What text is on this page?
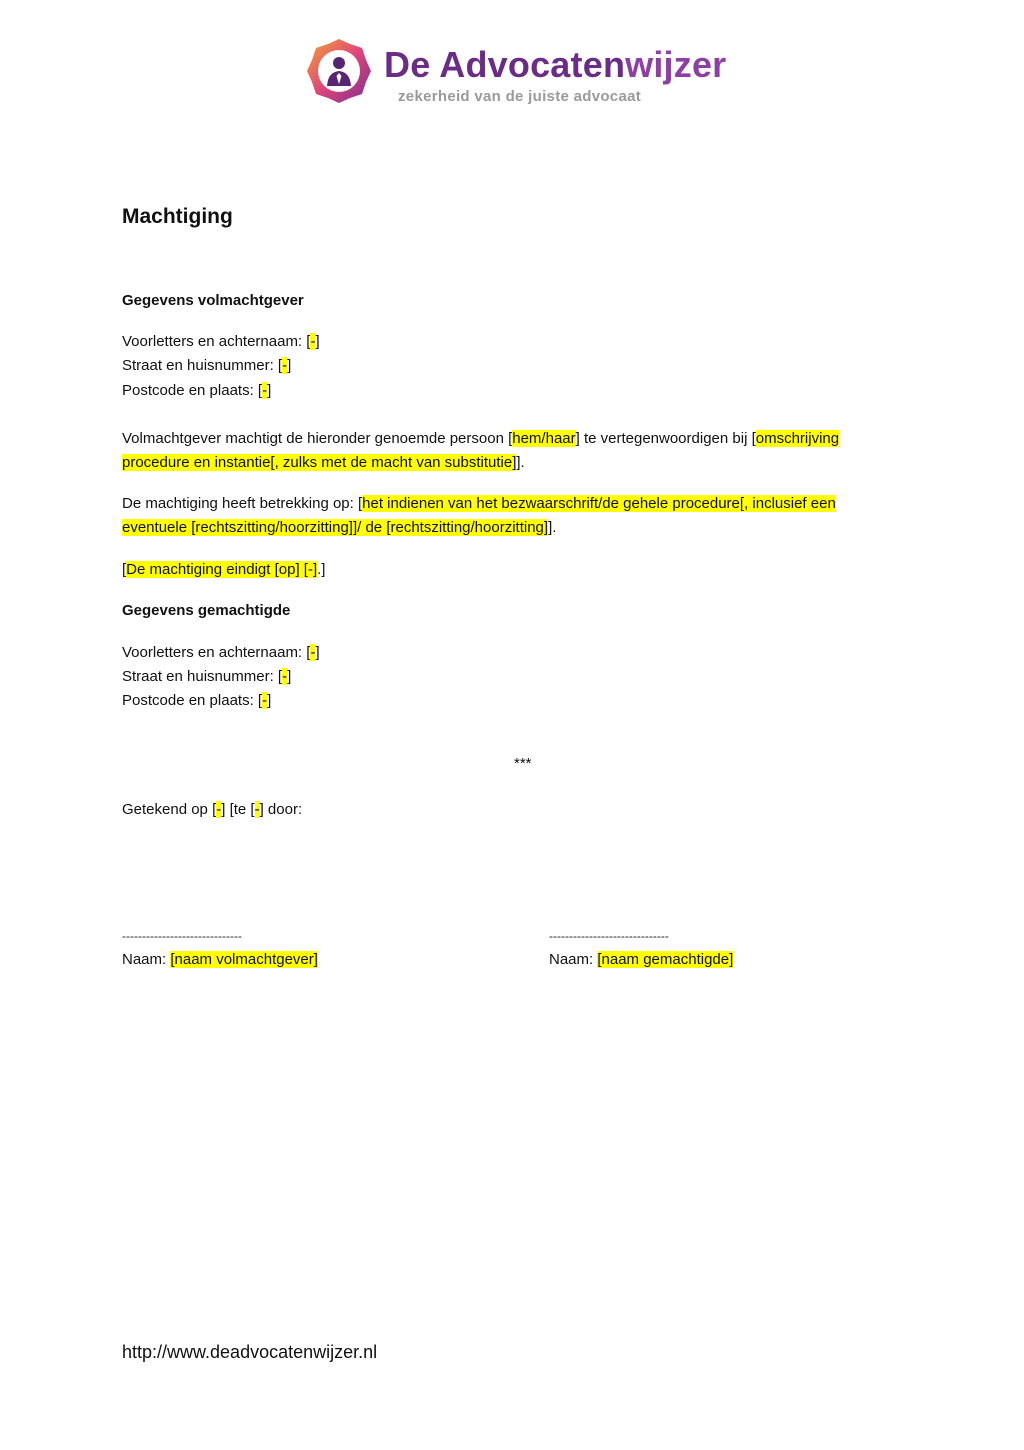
De Advocatenwijzer
zekerheid van de juiste advocaat
Machtiging
Gegevens volmachtgever
Voorletters en achternaam: [-]
Straat en huisnummer: [-]
Postcode en plaats: [-]
Volmachtgever machtigt de hieronder genoemde persoon [hem/haar] te vertegenwoordigen bij [omschrijving procedure en instantie[, zulks met de macht van substitutie]].
De machtiging heeft betrekking op: [het indienen van het bezwaarschrift/de gehele procedure[, inclusief een eventuele [rechtszitting/hoorzitting]]/ de [rechtszitting/hoorzitting]].
[De machtiging eindigt [op] [-].]
Gegevens gemachtigde
Voorletters en achternaam: [-]
Straat en huisnummer: [-]
Postcode en plaats: [-]
Getekend op [-] [te [-] door:
***
------------------------------
Naam: [naam volmachtgever]
------------------------------
Naam: [naam gemachtigde]
http://www.deadvocatenwijzer.nl
